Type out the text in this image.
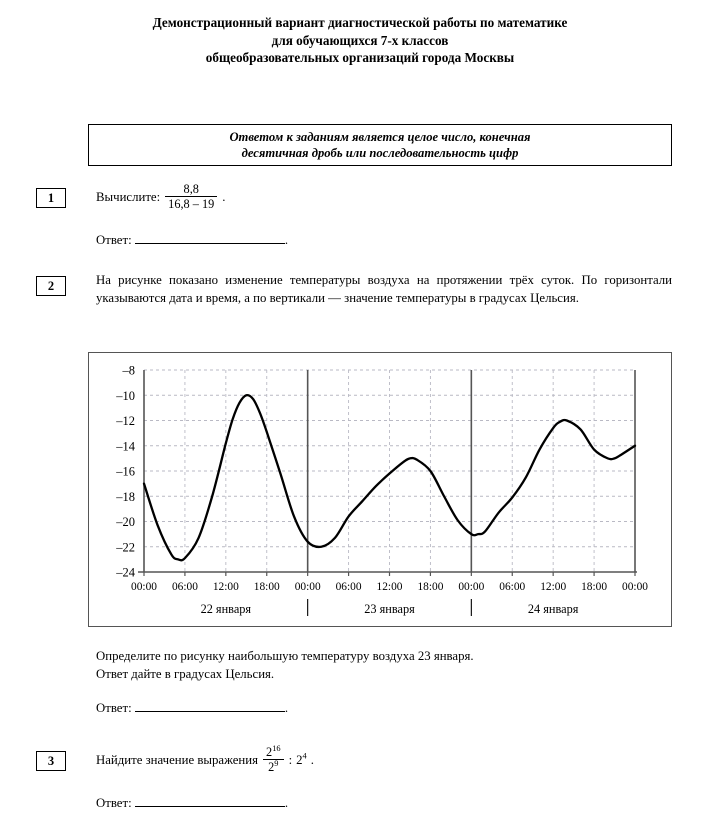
Демонстрационный вариант диагностической работы по математике
для обучающихся 7-х классов
общеобразовательных организаций города Москвы
Ответом к заданиям является целое число, конечная
десятичная дробь или последовательность цифр
1	Вычислите: $\frac{8,8}{16,8 - 19}$ .
Ответ:	.
2	На рисунке показано изменение температуры воздуха на протяжении трёх суток. По горизонтали указываются дата и время, а по вертикали — значение температуры в градусах Цельсия.
–8
–10
–12
–14
–16
–18
–20
–22
–24
00:00 06:00 12:00 18:00 00:00 06:00 12:00 18:00 00:00 06:00 12:00 18:00 00:00
22 января	23 января	24 января
Определите по рисунку наибольшую температуру воздуха 23 января.
Ответ дайте в градусах Цельсия.
Ответ:	.
3	Найдите значение выражения $\frac{2^{16}}{2^9}$ : $2^4$ .
Ответ:	.
